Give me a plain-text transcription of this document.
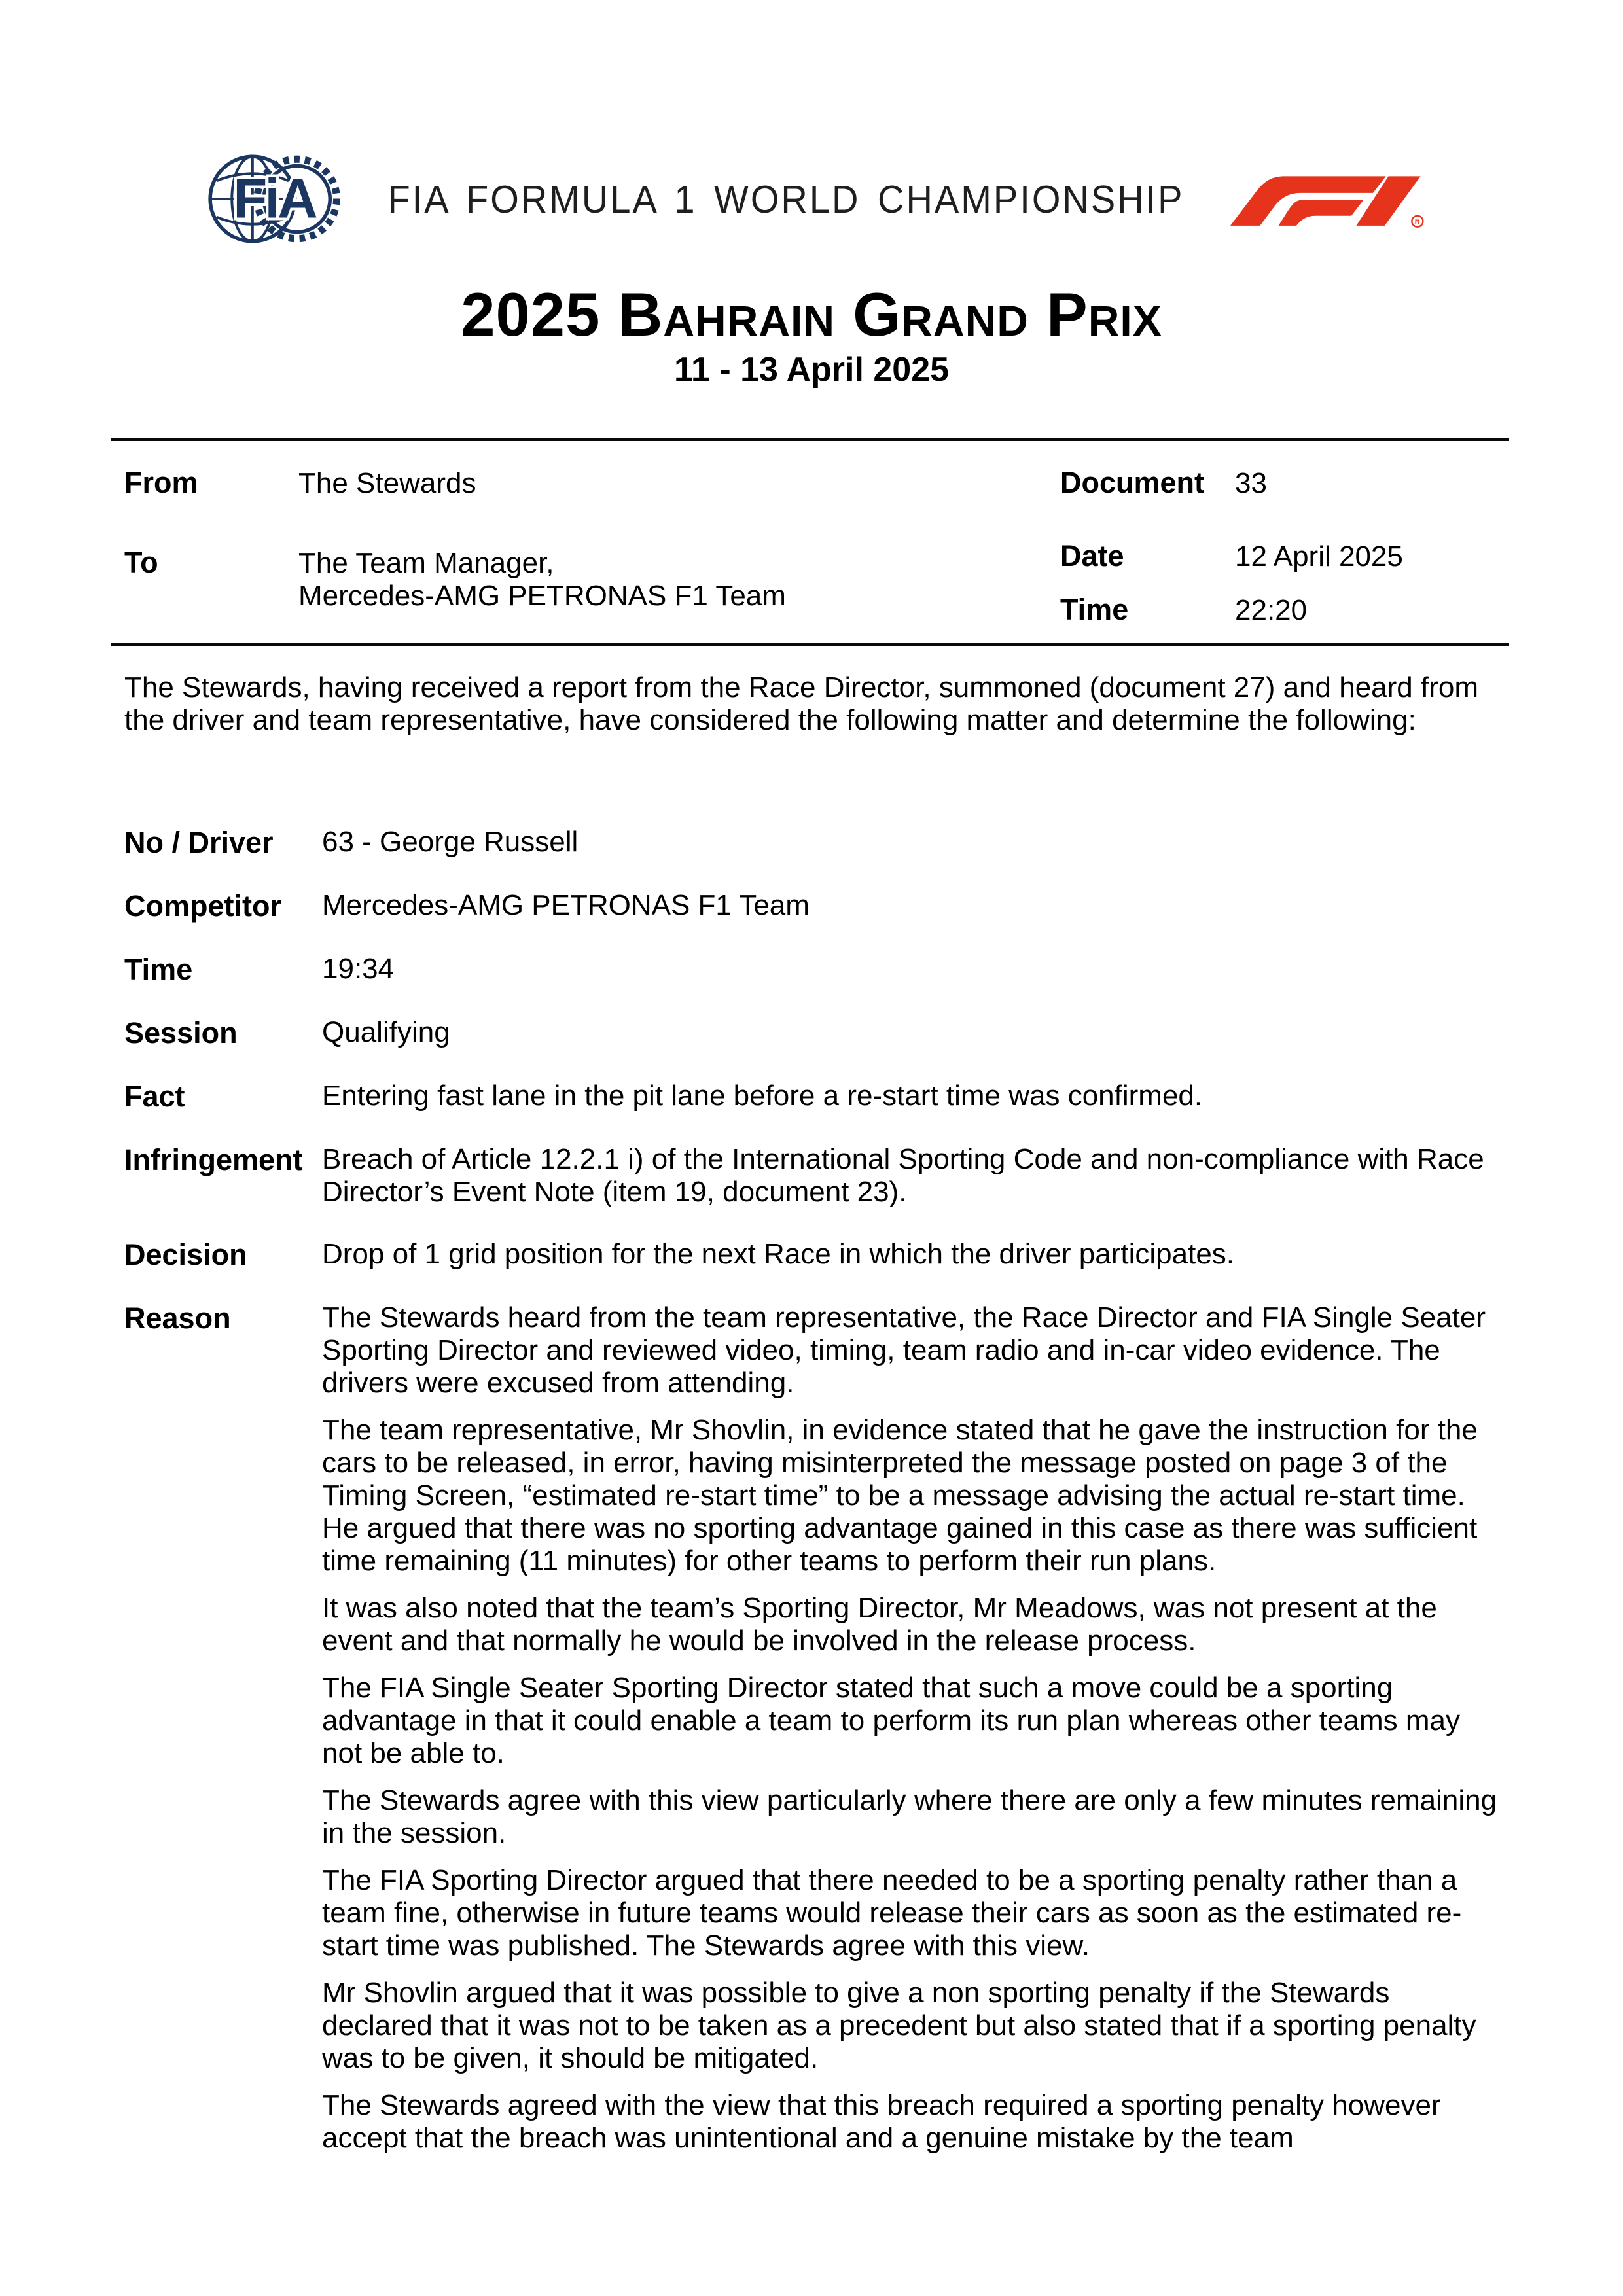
FiA	FIA FORMULA 1 WORLD CHAMPIONSHIP
R
2025 Bahrain Grand Prix
11 - 13 April 2025
From	The Stewards
To	The Team Manager,
Mercedes-AMG PETRONAS F1 Team
Document 33
Date	12 April 2025
Time	22:20
The Stewards, having received a report from the Race Director, summoned (document 27) and heard from the driver and team representative, have considered the following matter and determine the following:
No / Driver	63 - George Russell
Competitor	Mercedes-AMG PETRONAS F1 Team
Time	19:34
Session	Qualifying
Fact	Entering fast lane in the pit lane before a re-start time was confirmed.
Infringement Breach of Article 12.2.1 i) of the International Sporting Code and non-compliance with Race Director’s Event Note (item 19, document 23).
Decision	Drop of 1 grid position for the next Race in which the driver participates.
Reason	The Stewards heard from the team representative, the Race Director and FIA Single Seater Sporting Director and reviewed video, timing, team radio and in-car video evidence. The drivers were excused from attending.

The team representative, Mr Shovlin, in evidence stated that he gave the instruction for the cars to be released, in error, having misinterpreted the message posted on page 3 of the Timing Screen, “estimated re-start time” to be a message advising the actual re-start time. He argued that there was no sporting advantage gained in this case as there was sufficient time remaining (11 minutes) for other teams to perform their run plans.

It was also noted that the team’s Sporting Director, Mr Meadows, was not present at the event and that normally he would be involved in the release process.

The FIA Single Seater Sporting Director stated that such a move could be a sporting advantage in that it could enable a team to perform its run plan whereas other teams may not be able to.

The Stewards agree with this view particularly where there are only a few minutes remaining in the session.

The FIA Sporting Director argued that there needed to be a sporting penalty rather than a team fine, otherwise in future teams would release their cars as soon as the estimated re-start time was published. The Stewards agree with this view.

Mr Shovlin argued that it was possible to give a non sporting penalty if the Stewards declared that it was not to be taken as a precedent but also stated that if a sporting penalty was to be given, it should be mitigated.

The Stewards agreed with the view that this breach required a sporting penalty however accept that the breach was unintentional and a genuine mistake by the team
